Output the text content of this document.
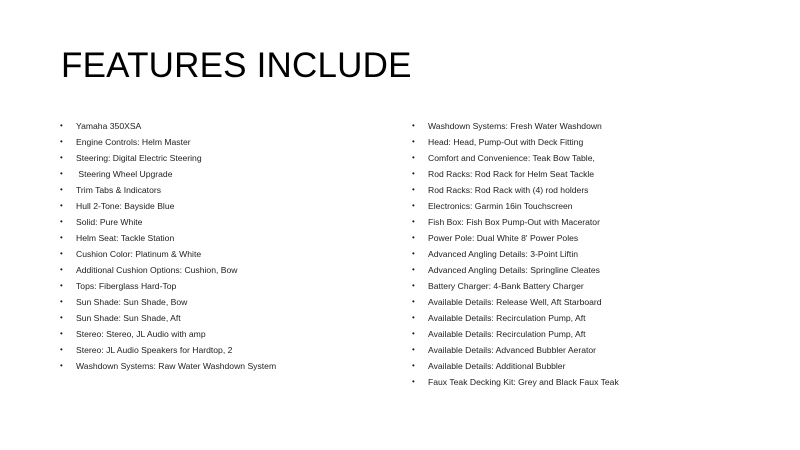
FEATURES INCLUDE
•	Yamaha 350XSA
•	Engine Controls: Helm Master
•	Steering: Digital Electric Steering
•	Steering Wheel Upgrade
•	Trim Tabs & Indicators
•	Hull 2-Tone: Bayside Blue
•	Solid: Pure White
•	Helm Seat: Tackle Station
•	Cushion Color: Platinum & White
•	Additional Cushion Options: Cushion, Bow
•	Tops: Fiberglass Hard-Top
•	Sun Shade: Sun Shade, Bow
•	Sun Shade: Sun Shade, Aft
•	Stereo: Stereo, JL Audio with amp
•	Stereo: JL Audio Speakers for Hardtop, 2
•	Washdown Systems: Raw Water Washdown System
•	Washdown Systems: Fresh Water Washdown
•	Head: Head, Pump-Out with Deck Fitting
•	Comfort and Convenience: Teak Bow Table,
•	Rod Racks: Rod Rack for Helm Seat Tackle
•	Rod Racks: Rod Rack with (4) rod holders
•	Electronics: Garmin 16in Touchscreen
•	Fish Box: Fish Box Pump-Out with Macerator
•	Power Pole: Dual White 8' Power Poles
•	Advanced Angling Details: 3-Point Liftin
•	Advanced Angling Details: Springline Cleates
•	Battery Charger: 4-Bank Battery Charger
•	Available Details: Release Well, Aft Starboard
•	Available Details: Recirculation Pump, Aft
•	Available Details: Recirculation Pump, Aft
•	Available Details: Advanced Bubbler Aerator
•	Available Details: Additional Bubbler
•	Faux Teak Decking Kit: Grey and Black Faux Teak
